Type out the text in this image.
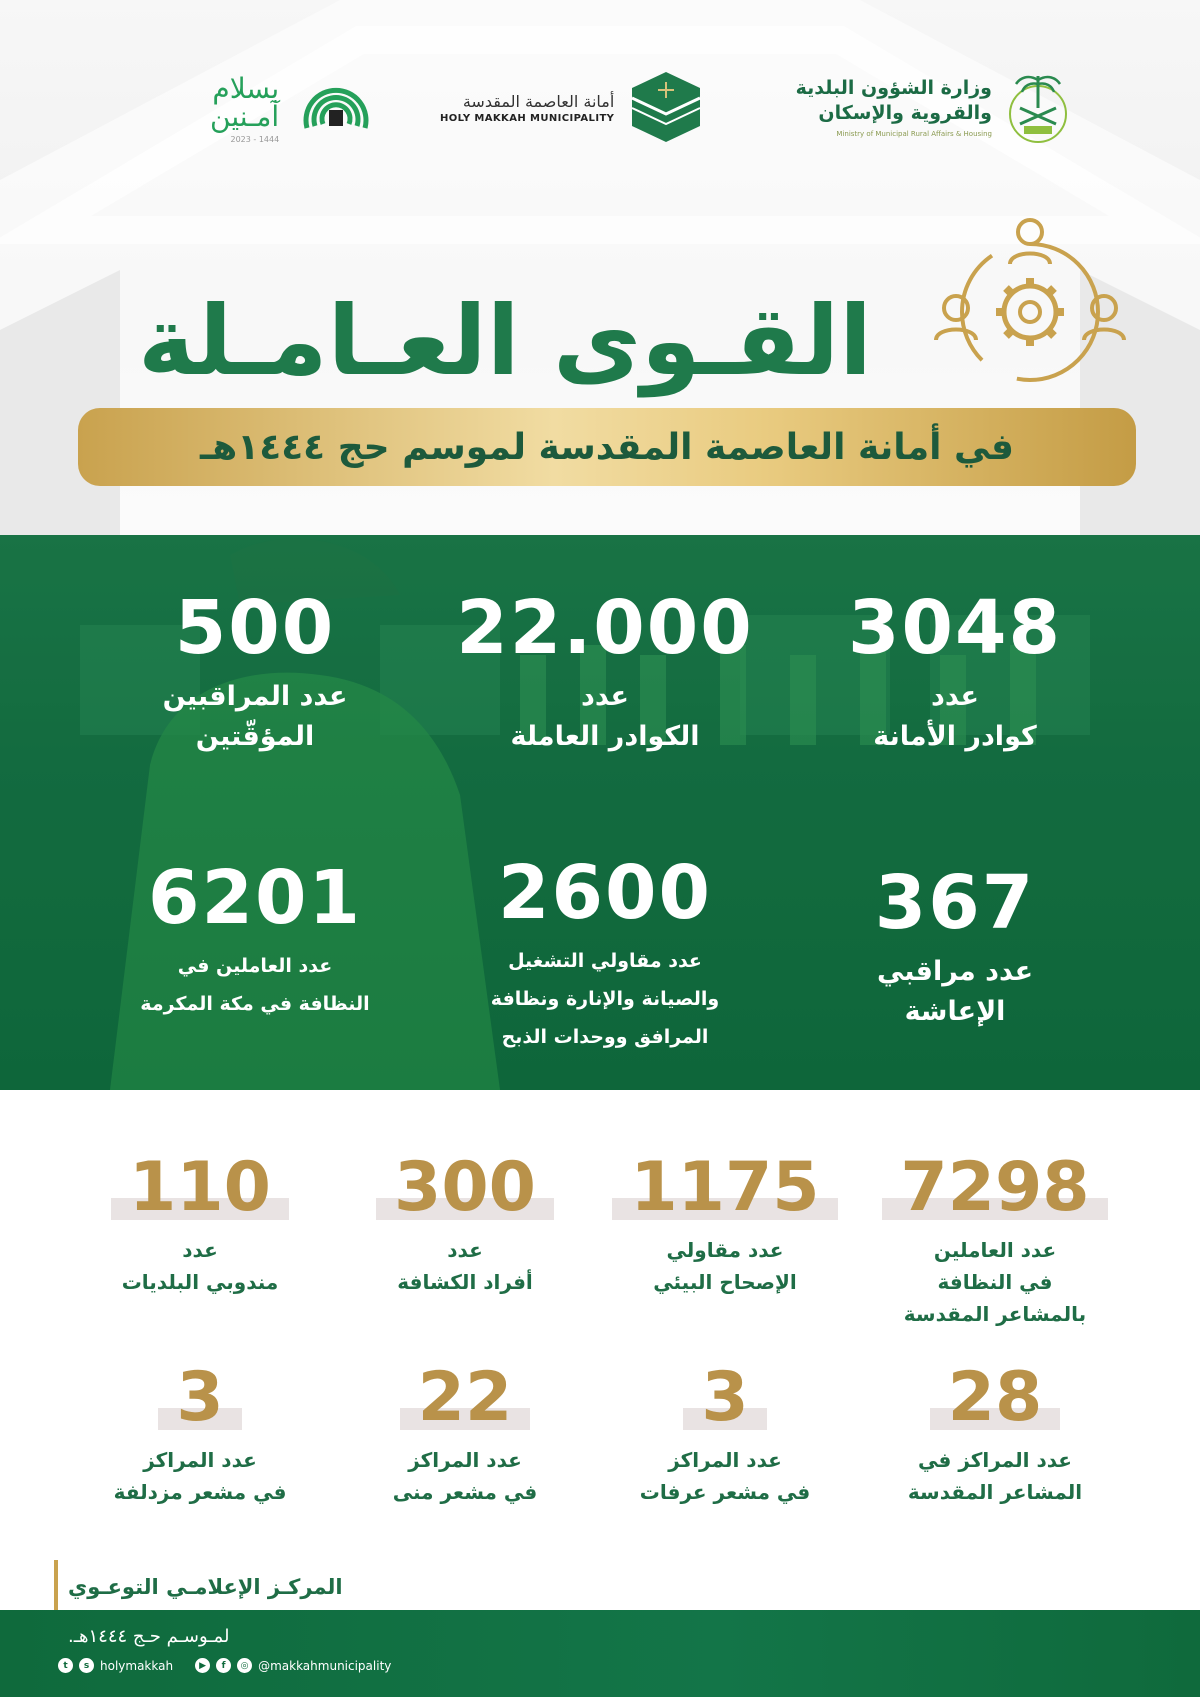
وزارة الشؤون البلدية
والقروية والإسكان
Ministry of Municipal Rural Affairs & Housing
أمانة العاصمة المقدسة
HOLY MAKKAH MUNICIPALITY
بسلام
آمـنين
2023 - 1444
القـوى العـامـلة
في أمانة العاصمة المقدسة لموسم حج ١٤٤٤هـ
3048
عدد
كوادر الأمانة
22.000
عدد
الكوادر العاملة
500
عدد المراقبين
المؤقّتين
367
عدد مراقبي
الإعاشة
2600
عدد مقاولي التشغيل
والصيانة والإنارة ونظافة
المرافق ووحدات الذبح
6201
عدد العاملين في
النظافة في مكة المكرمة
7298
عدد العاملين
في النظافة
بالمشاعر المقدسة
1175
عدد مقاولي
الإصحاح البيئي
300
عدد
أفراد الكشافة
110
عدد
مندوبي البلديات
28
عدد المراكز في
المشاعر المقدسة
3
عدد المراكز
في مشعر عرفات
22
عدد المراكز
في مشعر منى
3
عدد المراكز
في مشعر مزدلفة
المركـز الإعلامـي التوعـوي
لمـوسـم حـج ١٤٤٤هـ.
t	s holymakkah	▶	f	◎ @makkahmunicipality
